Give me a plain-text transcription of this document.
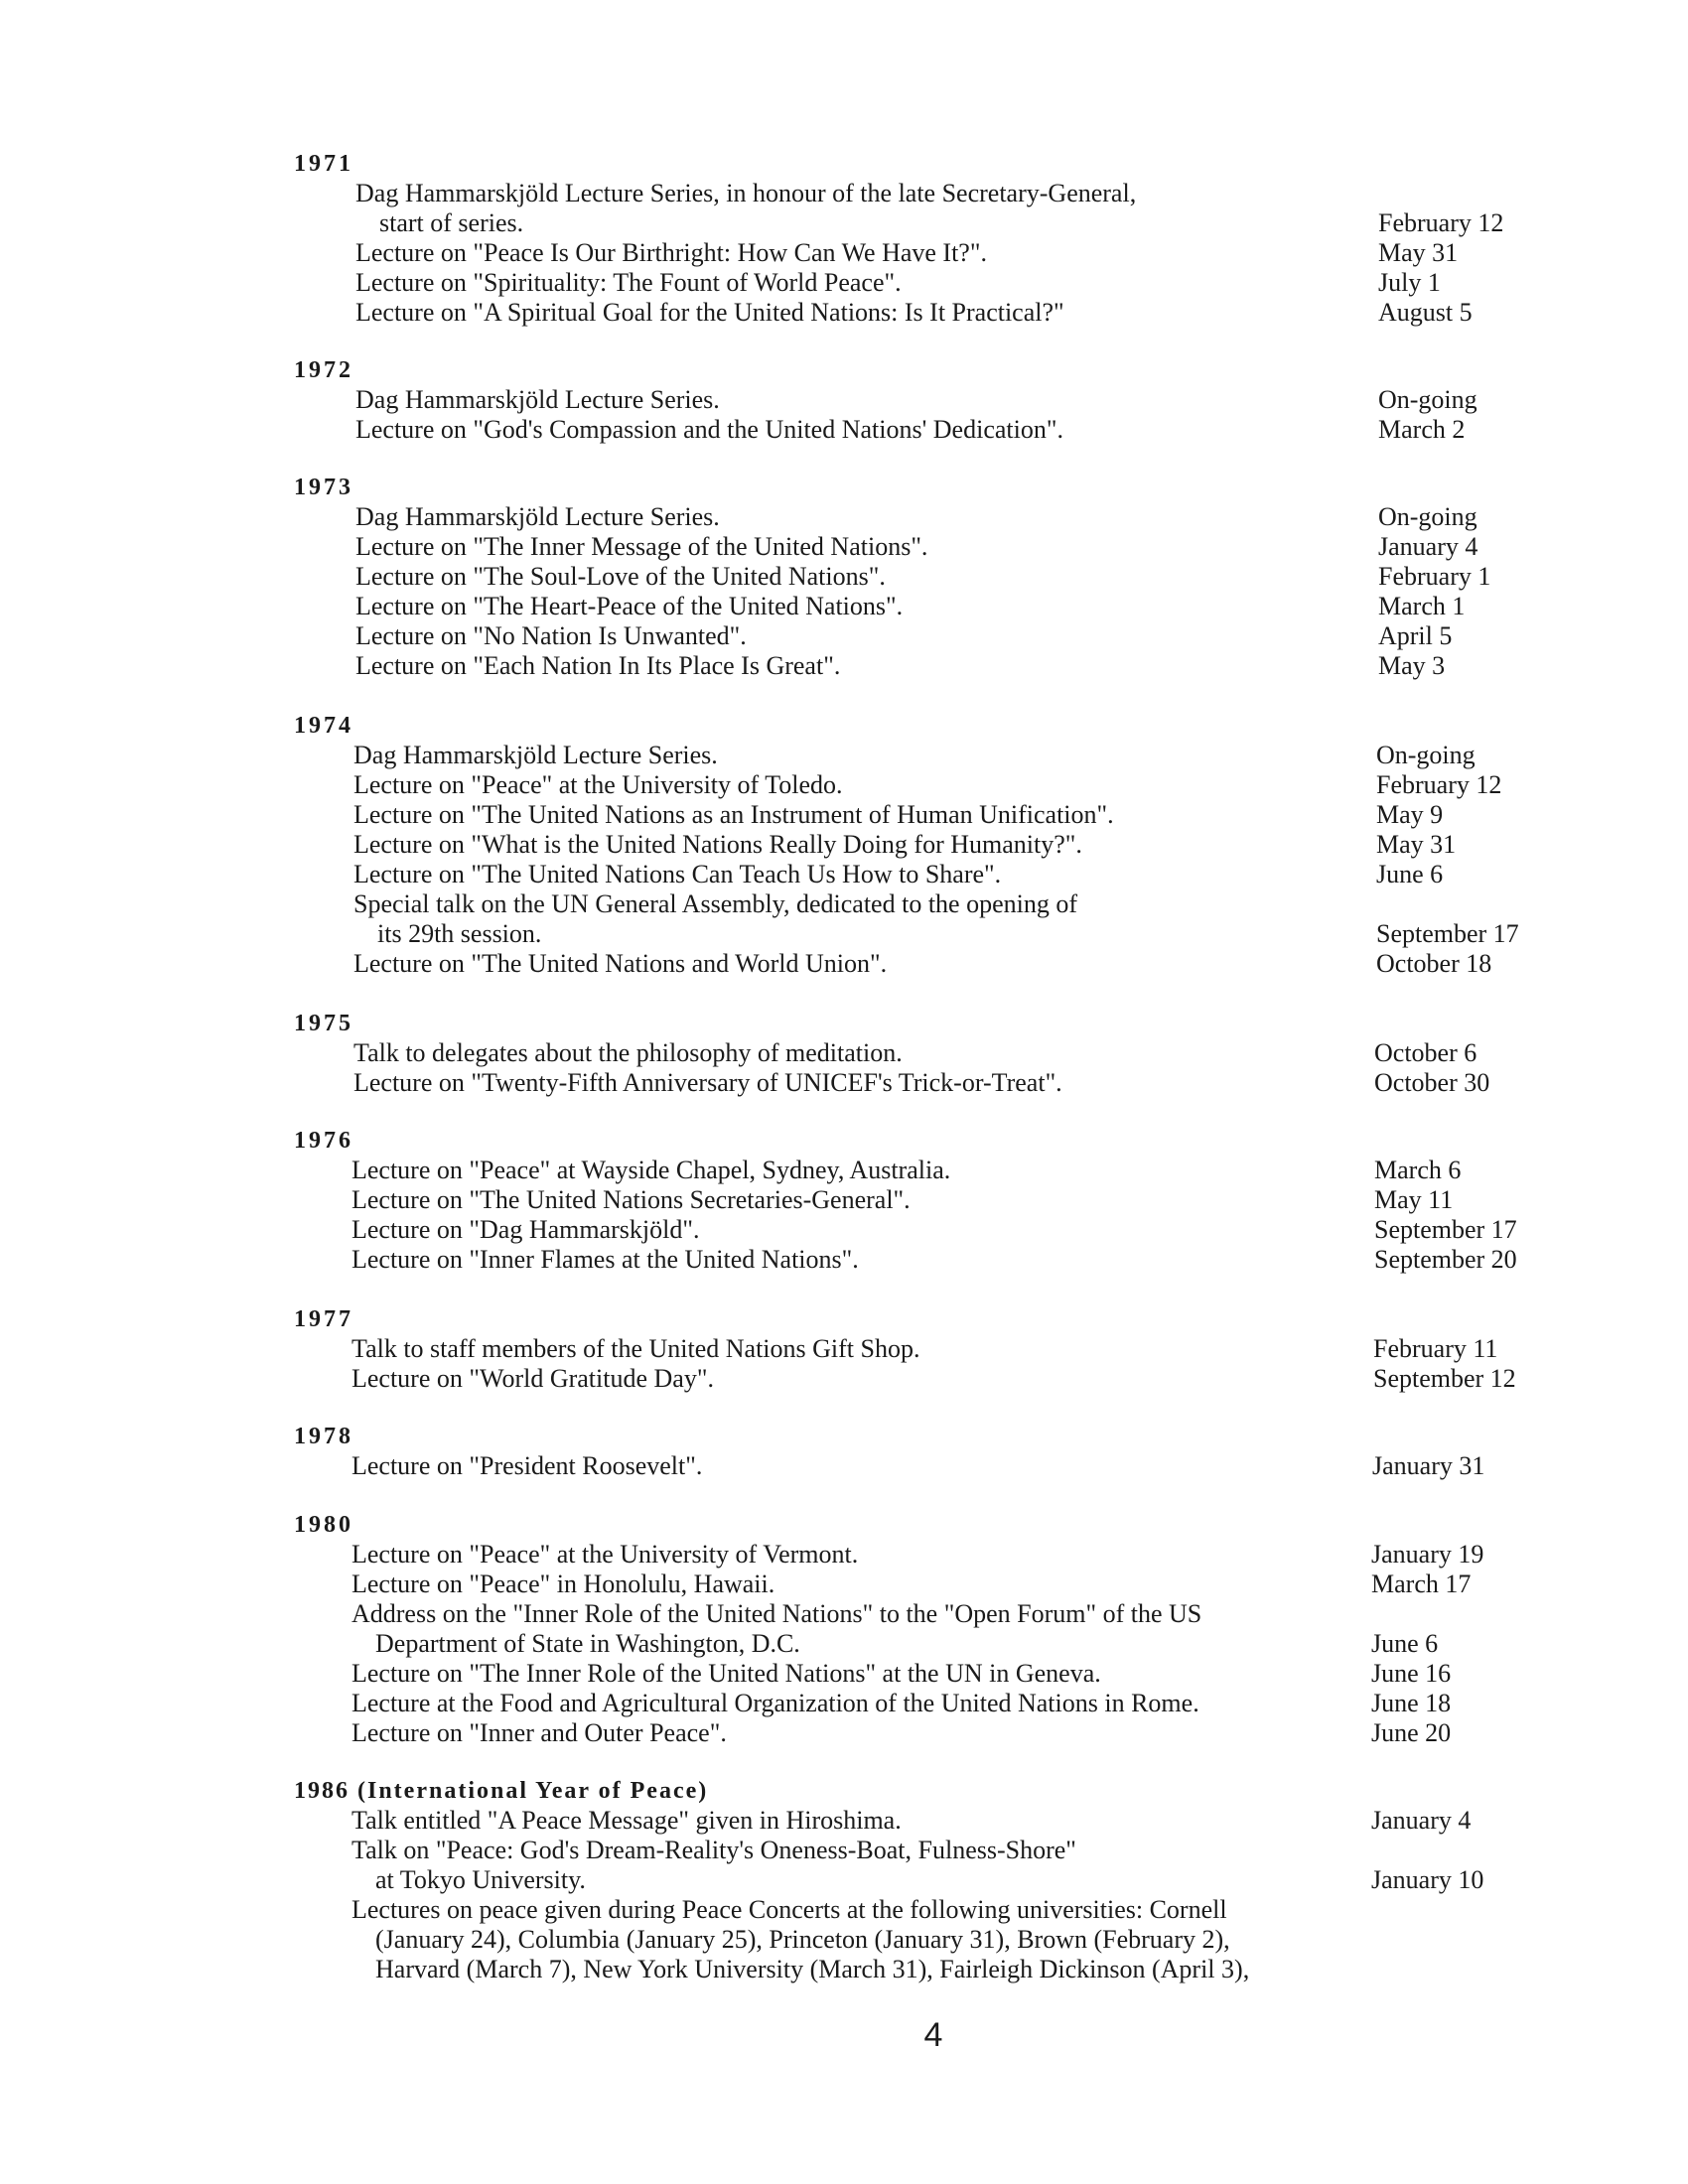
1971
Dag Hammarskjöld Lecture Series, in honour of the late Secretary-General,
start of series.	February 12
Lecture on "Peace Is Our Birthright: How Can We Have It?".	May 31
Lecture on "Spirituality: The Fount of World Peace".	July 1
Lecture on "A Spiritual Goal for the United Nations: Is It Practical?"	August 5
1972
Dag Hammarskjöld Lecture Series.	On-going
Lecture on "God's Compassion and the United Nations' Dedication".	March 2
1973
Dag Hammarskjöld Lecture Series.	On-going
Lecture on "The Inner Message of the United Nations".	January 4
Lecture on "The Soul-Love of the United Nations".	February 1
Lecture on "The Heart-Peace of the United Nations".	March 1
Lecture on "No Nation Is Unwanted".	April 5
Lecture on "Each Nation In Its Place Is Great".	May 3
1974
Dag Hammarskjöld Lecture Series.	On-going
Lecture on "Peace" at the University of Toledo.	February 12
Lecture on "The United Nations as an Instrument of Human Unification".	May 9
Lecture on "What is the United Nations Really Doing for Humanity?".	May 31
Lecture on "The United Nations Can Teach Us How to Share".	June 6
Special talk on the UN General Assembly, dedicated to the opening of
its 29th session.	September 17
Lecture on "The United Nations and World Union".	October 18
1975
Talk to delegates about the philosophy of meditation.	October 6
Lecture on "Twenty-Fifth Anniversary of UNICEF's Trick-or-Treat".	October 30
1976
Lecture on "Peace" at Wayside Chapel, Sydney, Australia.	March 6
Lecture on "The United Nations Secretaries-General".	May 11
Lecture on "Dag Hammarskjöld".	September 17
Lecture on "Inner Flames at the United Nations".	September 20
1977
Talk to staff members of the United Nations Gift Shop.	February 11
Lecture on "World Gratitude Day".	September 12
1978
Lecture on "President Roosevelt".	January 31
1980
Lecture on "Peace" at the University of Vermont.	January 19
Lecture on "Peace" in Honolulu, Hawaii.	March 17
Address on the "Inner Role of the United Nations" to the "Open Forum" of the US
Department of State in Washington, D.C.	June 6
Lecture on "The Inner Role of the United Nations" at the UN in Geneva.	June 16
Lecture at the Food and Agricultural Organization of the United Nations in Rome.	June 18
Lecture on "Inner and Outer Peace".	June 20
1986 (International Year of Peace)
Talk entitled "A Peace Message" given in Hiroshima.	January 4
Talk on "Peace: God's Dream-Reality's Oneness-Boat, Fulness-Shore"
at Tokyo University.	January 10
Lectures on peace given during Peace Concerts at the following universities: Cornell
(January 24), Columbia (January 25), Princeton (January 31), Brown (February 2),
Harvard (March 7), New York University (March 31), Fairleigh Dickinson (April 3),
4
